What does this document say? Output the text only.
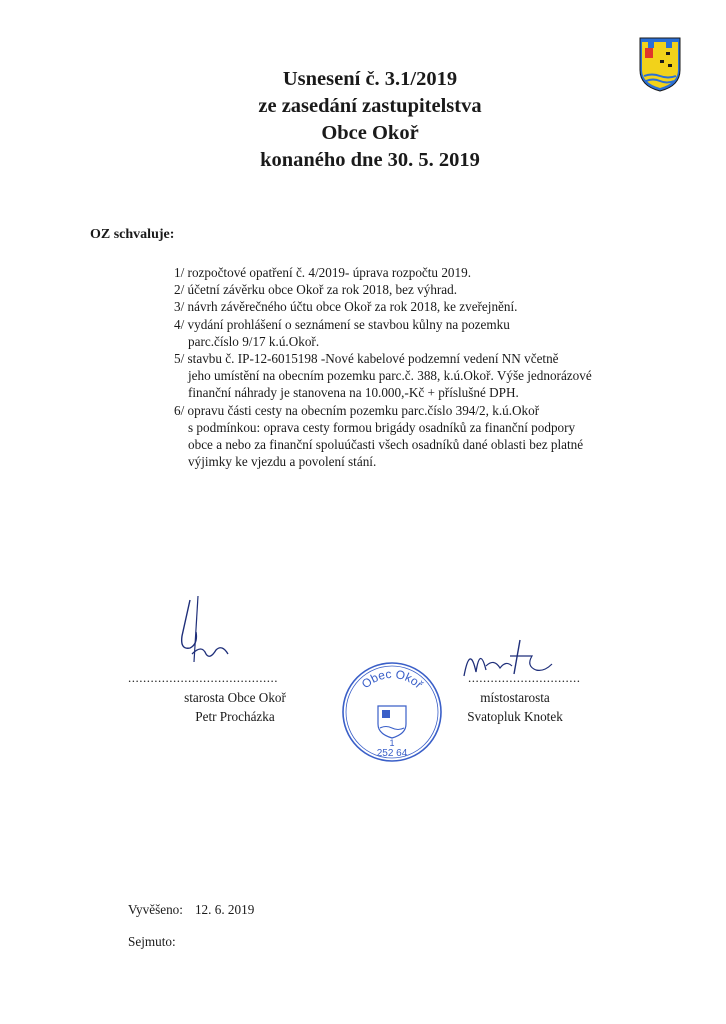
Usnesení č. 3.1/2019
ze zasedání zastupitelstva
Obce Okoř
konaného dne 30. 5. 2019
OZ schvaluje:
1/ rozpočtové opatření č. 4/2019- úprava rozpočtu 2019.
2/ účetní závěrku obce Okoř za rok 2018, bez výhrad.
3/ návrh závěrečného účtu obce Okoř za rok 2018, ke zveřejnění.
4/ vydání prohlášení o seznámení se stavbou kůlny na pozemku
parc.číslo 9/17 k.ú.Okoř.
5/ stavbu č. IP-12-6015198 -Nové kabelové podzemní vedení NN včetně
jeho umístění na obecním pozemku parc.č. 388, k.ú.Okoř. Výše jednorázové
finanční náhrady je stanovena na 10.000,-Kč + příslušné DPH.
6/ opravu části cesty na obecním pozemku parc.číslo 394/2, k.ú.Okoř
s podmínkou: oprava cesty formou brigády osadníků za finanční podpory
obce a nebo za finanční spoluúčasti všech osadníků dané oblasti bez platné
výjimky ke vjezdu a povolení stání.
........................................
starosta Obce Okoř
Petr Procházka
Obec Okoř
1
252 64
..............................
místostarosta
Svatopluk Knotek
Vyvěšeno: 12. 6. 2019
Sejmuto:
